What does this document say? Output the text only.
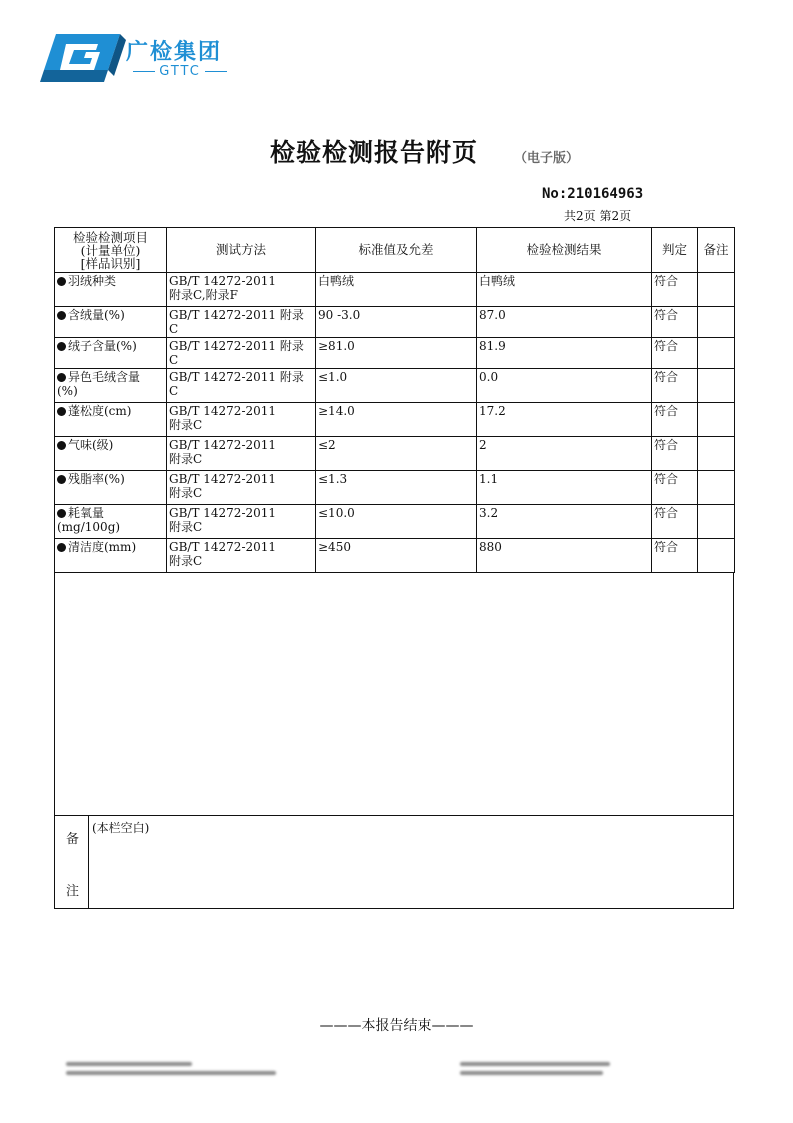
广检集团
GTTC
检验检测报告附页	（电子版）
No:210164963
共2页 第2页
检验检测项目
(计量单位)
[样品识别]	测试方法	标准值及允差	检验检测结果	判定	备注
羽绒种类	GB/T 14272-2011
附录C,附录F	白鸭绒	白鸭绒	符合	
含绒量(%)	GB/T 14272-2011 附录C	90 -3.0	87.0	符合	
绒子含量(%)	GB/T 14272-2011 附录C	≥81.0	81.9	符合	
异色毛绒含量
(%)	GB/T 14272-2011 附录C	≤1.0	0.0	符合	
蓬松度(cm)	GB/T 14272-2011
附录C	≥14.0	17.2	符合	
气味(级)	GB/T 14272-2011
附录C	≤2	2	符合	
残脂率(%)	GB/T 14272-2011
附录C	≤1.3	1.1	符合	
耗氧量
(mg/100g)	GB/T 14272-2011
附录C	≤10.0	3.2	符合	
清洁度(mm)	GB/T 14272-2011
附录C	≥450	880	符合	
备
注
(本栏空白)
———本报告结束———
